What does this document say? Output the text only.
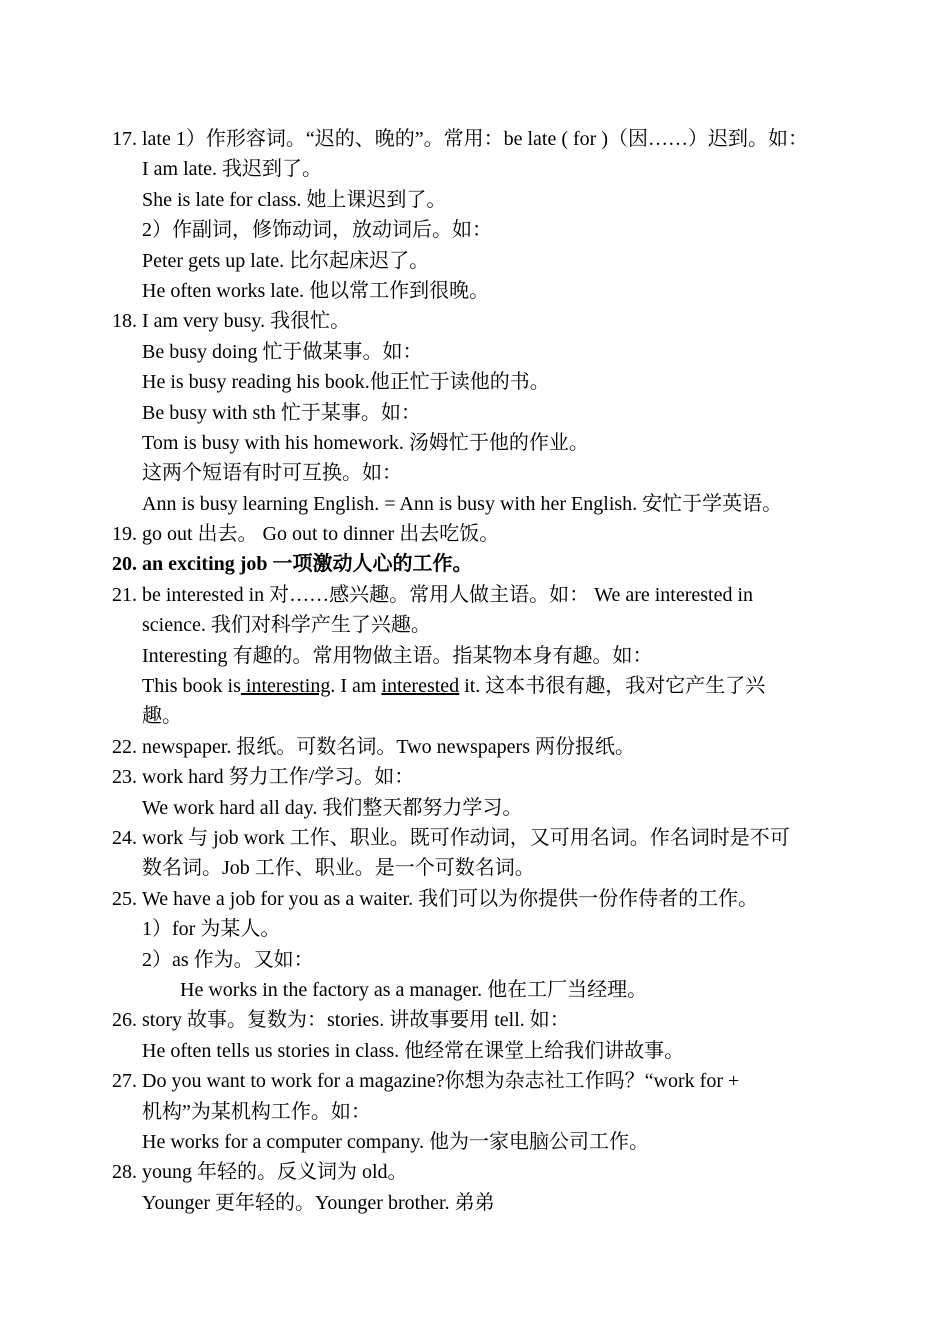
17. late 1）作形容词。“迟的、晚的”。常用：be late ( for )（因……）迟到。如：
I am late. 我迟到了。
She is late for class. 她上课迟到了。
2）作副词，修饰动词，放动词后。如：
Peter gets up late. 比尔起床迟了。
He often works late. 他以常工作到很晚。
18. I am very busy. 我很忙。
Be busy doing 忙于做某事。如：
He is busy reading his book.他正忙于读他的书。
Be busy with sth 忙于某事。如：
Tom is busy with his homework. 汤姆忙于他的作业。
这两个短语有时可互换。如：
Ann is busy learning English. = Ann is busy with her English. 安忙于学英语。
19. go out 出去。 Go out to dinner 出去吃饭。
20. an exciting job 一项激动人心的工作。
21. be interested in 对……感兴趣。常用人做主语。如： We are interested in
science. 我们对科学产生了兴趣。
Interesting 有趣的。常用物做主语。指某物本身有趣。如：
This book is interesting. I am interested it. 这本书很有趣，我对它产生了兴
趣。
22. newspaper. 报纸。可数名词。Two newspapers 两份报纸。
23. work hard 努力工作/学习。如：
We work hard all day. 我们整天都努力学习。
24. work 与 job work 工作、职业。既可作动词，又可用名词。作名词时是不可
数名词。Job 工作、职业。是一个可数名词。
25. We have a job for you as a waiter. 我们可以为你提供一份作侍者的工作。
1）for 为某人。
2）as 作为。又如：
He works in the factory as a manager. 他在工厂当经理。
26. story 故事。复数为：stories. 讲故事要用 tell. 如：
He often tells us stories in class. 他经常在课堂上给我们讲故事。
27. Do you want to work for a magazine?你想为杂志社工作吗？“work for +
机构”为某机构工作。如：
He works for a computer company. 他为一家电脑公司工作。
28. young 年轻的。反义词为 old。
Younger 更年轻的。Younger brother. 弟弟
